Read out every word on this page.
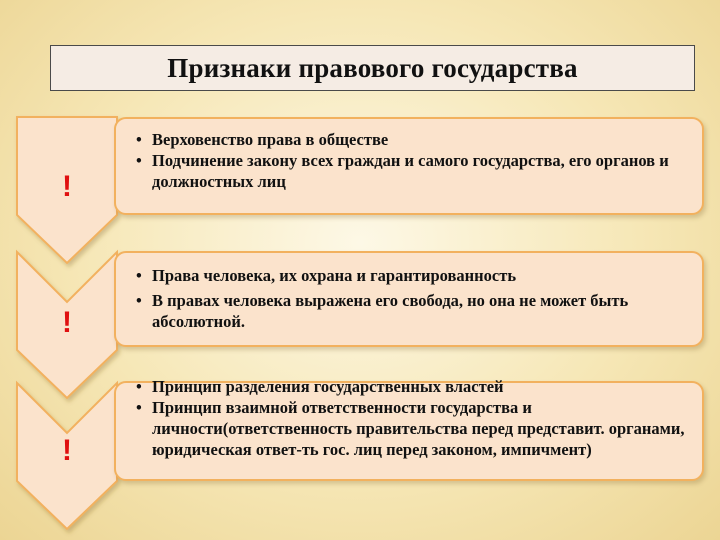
Признаки правового государства
!
!
!
• Верховенство права в обществе
• Подчинение закону всех граждан и самого государства, его органов и должностных лиц
• Права человека, их охрана и гарантированность
• В правах человека выражена его свобода, но она не может быть абсолютной.
• Принцип разделения государственных властей
• Принцип взаимной ответственности государства и личности(ответственность правительства перед представит. органами, юридическая ответ-ть гос. лиц перед законом, импичмент)
